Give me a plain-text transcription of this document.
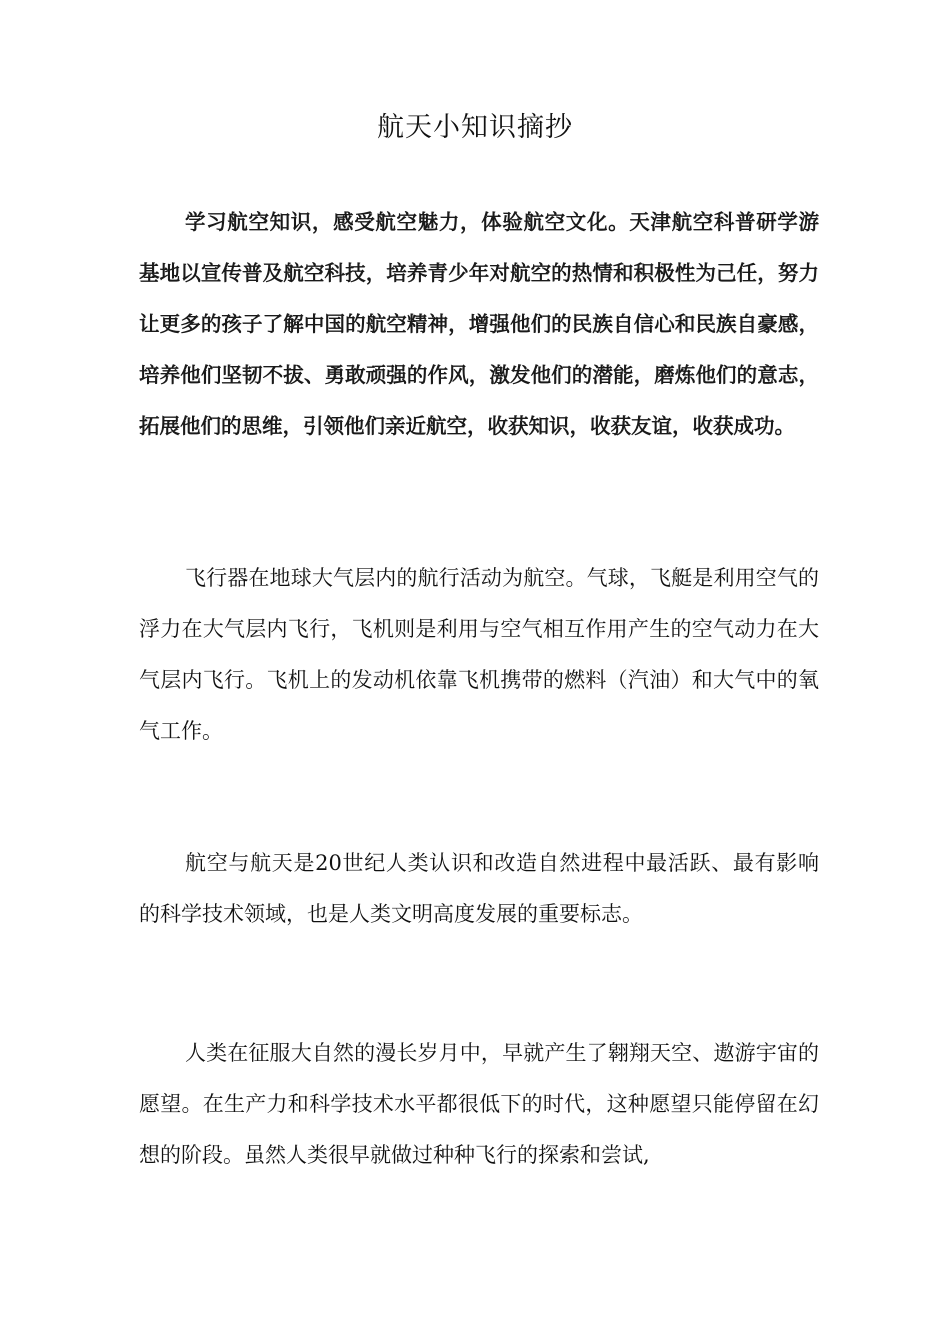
航天小知识摘抄

学习航空知识，感受航空魅力，体验航空文化。天津航空科普研学游基地以宣传普及航空科技，培养青少年对航空的热情和积极性为己任，努力让更多的孩子了解中国的航空精神，增强他们的民族自信心和民族自豪感，培养他们坚韧不拔、勇敢顽强的作风，激发他们的潜能，磨炼他们的意志，拓展他们的思维，引领他们亲近航空，收获知识，收获友谊，收获成功。

飞行器在地球大气层内的航行活动为航空。气球，飞艇是利用空气的浮力在大气层内飞行，飞机则是利用与空气相互作用产生的空气动力在大气层内飞行。飞机上的发动机依靠飞机携带的燃料（汽油）和大气中的氧气工作。

航空与航天是20世纪人类认识和改造自然进程中最活跃、最有影响的科学技术领域，也是人类文明高度发展的重要标志。

人类在征服大自然的漫长岁月中，早就产生了翱翔天空、遨游宇宙的愿望。在生产力和科学技术水平都很低下的时代，这种愿望只能停留在幻想的阶段。虽然人类很早就做过种种飞行的探索和尝试,
